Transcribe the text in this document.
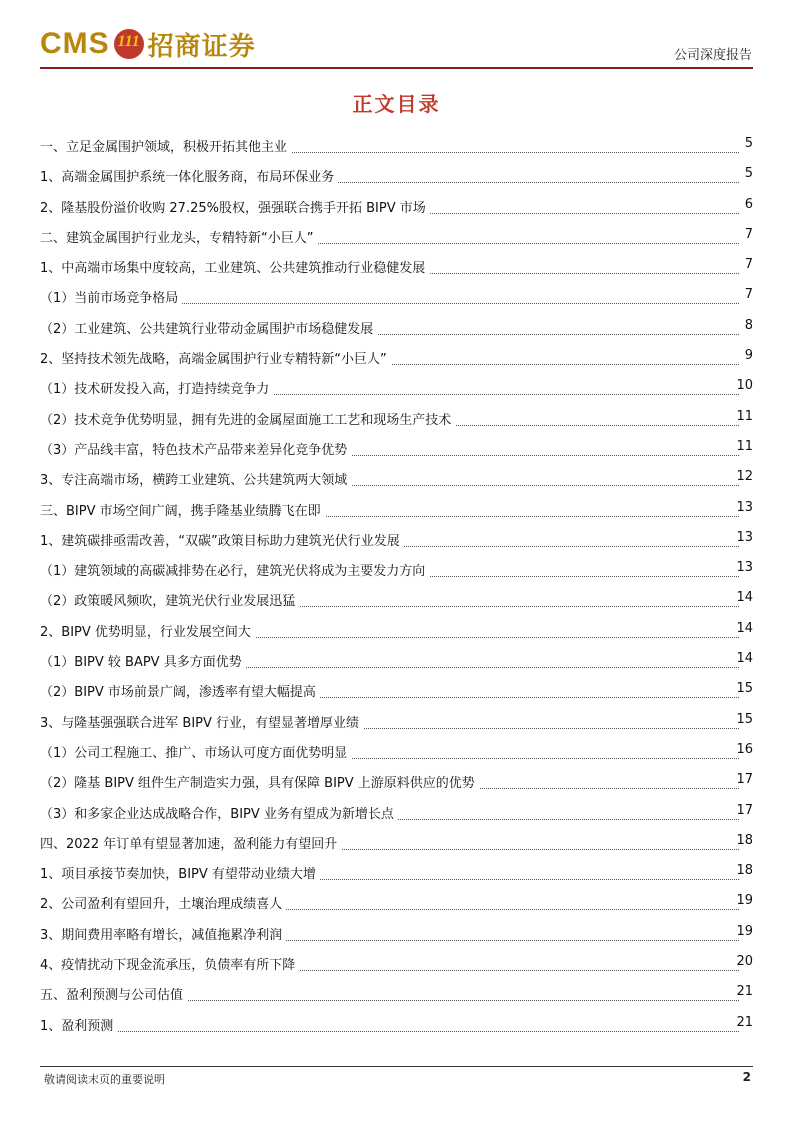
CMS 111 招商证券	公司深度报告
正文目录
一、立足金属围护领域，积极开拓其他主业	5
1、高端金属围护系统一体化服务商，布局环保业务	5
2、隆基股份溢价收购 27.25%股权，强强联合携手开拓 BIPV 市场	6
二、建筑金属围护行业龙头，专精特新“小巨人”	7
1、中高端市场集中度较高，工业建筑、公共建筑推动行业稳健发展	7
（1）当前市场竞争格局	7
（2）工业建筑、公共建筑行业带动金属围护市场稳健发展	8
2、坚持技术领先战略，高端金属围护行业专精特新“小巨人”	9
（1）技术研发投入高，打造持续竞争力	10
（2）技术竞争优势明显，拥有先进的金属屋面施工工艺和现场生产技术	11
（3）产品线丰富，特色技术产品带来差异化竞争优势	11
3、专注高端市场，横跨工业建筑、公共建筑两大领域	12
三、BIPV 市场空间广阔，携手隆基业绩腾飞在即	13
1、建筑碳排亟需改善，“双碳”政策目标助力建筑光伏行业发展	13
（1）建筑领域的高碳减排势在必行，建筑光伏将成为主要发力方向	13
（2）政策暖风频吹，建筑光伏行业发展迅猛	14
2、BIPV 优势明显，行业发展空间大	14
（1）BIPV 较 BAPV 具多方面优势	14
（2）BIPV 市场前景广阔，渗透率有望大幅提高	15
3、与隆基强强联合进军 BIPV 行业，有望显著增厚业绩	15
（1）公司工程施工、推广、市场认可度方面优势明显	16
（2）隆基 BIPV 组件生产制造实力强，具有保障 BIPV 上游原料供应的优势	17
（3）和多家企业达成战略合作，BIPV 业务有望成为新增长点	17
四、2022 年订单有望显著加速，盈利能力有望回升	18
1、项目承接节奏加快，BIPV 有望带动业绩大增	18
2、公司盈利有望回升，土壤治理成绩喜人	19
3、期间费用率略有增长，减值拖累净利润	19
4、疫情扰动下现金流承压，负债率有所下降	20
五、盈利预测与公司估值	21
1、盈利预测	21
敬请阅读末页的重要说明	2
